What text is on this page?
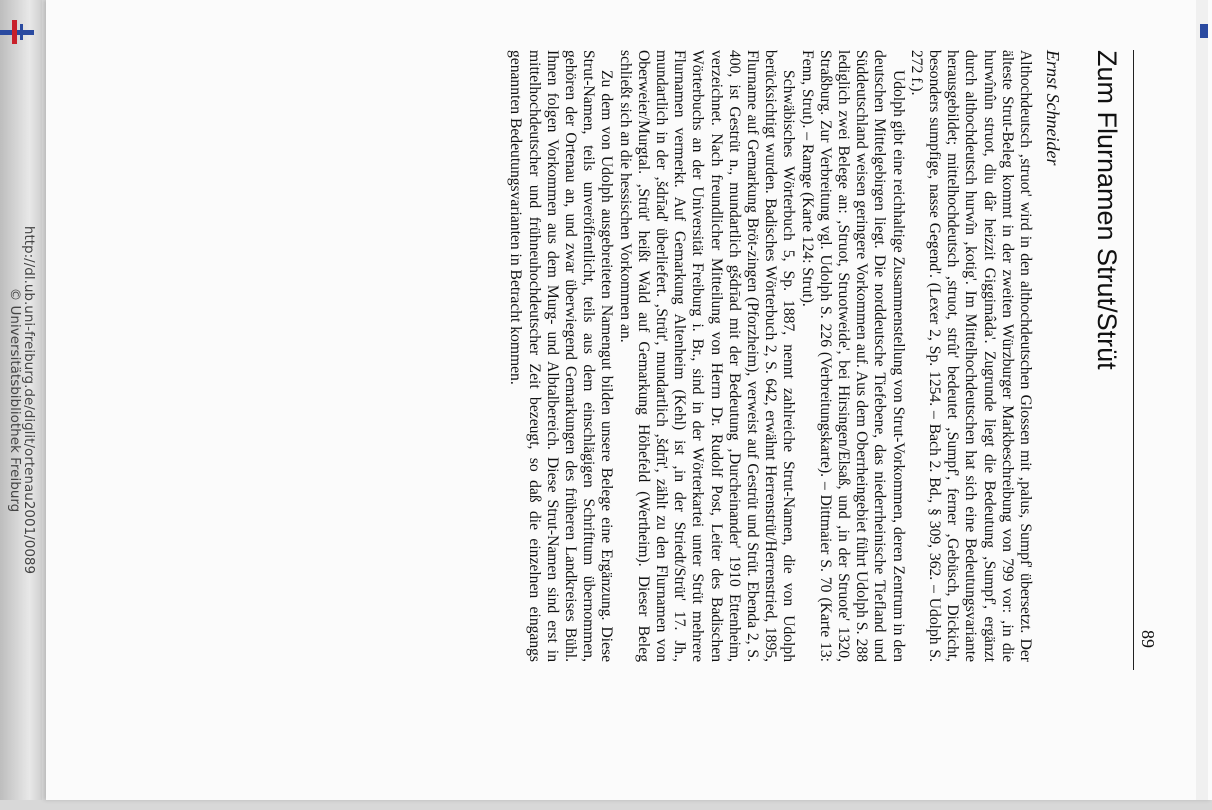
http://dl.ub.uni-freiburg.de/diglit/ortenau2001/0089
© Universitätsbibliothek Freiburg
89
Zum Flurnamen Strut/Strüt
Ernst Schneider

Althochdeutsch ‚struot' wird in den althochdeutschen Glossen mit ‚palus, Sumpf' übersetzt. Der älteste Strut-Beleg kommt in der zweiten Würzburger Markbeschreibung von 799 vor: ‚in die hurwînûn struot, diu dâr heizzit Giggimâda'. Zugrunde liegt die Bedeutung ‚Sumpf', ergänzt durch althochdeutsch hurwîn ‚kotig'. Im Mittelhochdeutschen hat sich eine Bedeutungsvariante herausgebildet; mittelhochdeutsch ‚struot, strût' bedeutet ‚Sumpf', ferner ‚Gebüsch, Dickicht, besonders sumpfige, nasse Gegend'. (Lexer 2, Sp. 1254. – Bach 2. Bd., § 309, 362. – Udolph S. 272 f.).

Udolph gibt eine reichhaltige Zusammenstellung von Strut-Vorkommen, deren Zentrum in den deutschen Mittelgebirgen liegt. Die norddeutsche Tiefebene, das niederrheinische Tiefland und Süddeutschland weisen geringere Vorkommen auf. Aus dem Oberrheingebiet führt Udolph S. 288 lediglich zwei Belege an: ‚Struot, Struotweide', bei Hirsingen/Elsaß, und ‚in der Struote' 1320, Straßburg. Zur Verbreitung vgl. Udolph S. 226 (Verbreitungskarte). – Dittmaier S. 70 (Karte 13: Fenn, Strut). – Ramge (Karte 124: Strut).

Schwäbisches Wörterbuch 5, Sp. 1887, nennt zahlreiche Strut-Namen, die von Udolph berücksichtigt wurden. Badisches Wörterbuch 2, S. 642, erwähnt Herrenstrüt/Herrenstried, 1895, Flurname auf Gemarkung Bröt-zingen (Pforzheim), verweist auf Gestrüt und Strüt. Ebenda 2, S. 400, ist Gestrüt n., mundartlich gšdrīad mit der Bedeutung ‚Durcheinander' 1910 Ettenheim, verzeichnet. Nach freundlicher Mitteilung von Herrn Dr. Rudolf Post, Leiter des Badischen Wörterbuchs an der Universität Freiburg i. Br., sind in der Wörterkartei unter Strüt mehrere Flurnamen vermerkt. Auf Gemarkung Altenheim (Kehl) ist ‚in der Striedt/Strüt' 17. Jh., mundartlich in der ‚šdrīad' überliefert. ‚Strüt', mundartlich ‚šdrīt', zählt zu den Flurnamen von Oberweier/Murgtal. ‚Strüt' heißt Wald auf Gemarkung Höhefeld (Wertheim). Dieser Beleg schließt sich an die hessischen Vorkommen an.

Zu dem von Udolph ausgebreiteten Namengut bilden unsere Belege eine Ergänzung. Diese Strut-Namen, teils unveröffentlicht, teils aus dem einschlägigen Schrifttum übernommen, gehören der Ortenau an, und zwar überwiegend Gemarkungen des früheren Landkreises Bühl. Ihnen folgen Vorkommen aus dem Murg- und Albtalbereich. Diese Strut-Namen sind erst in mittelhochdeutscher und frühneuhochdeutscher Zeit bezeugt, so daß die einzelnen eingangs genannten Bedeutungsvarianten in Betracht kommen.
